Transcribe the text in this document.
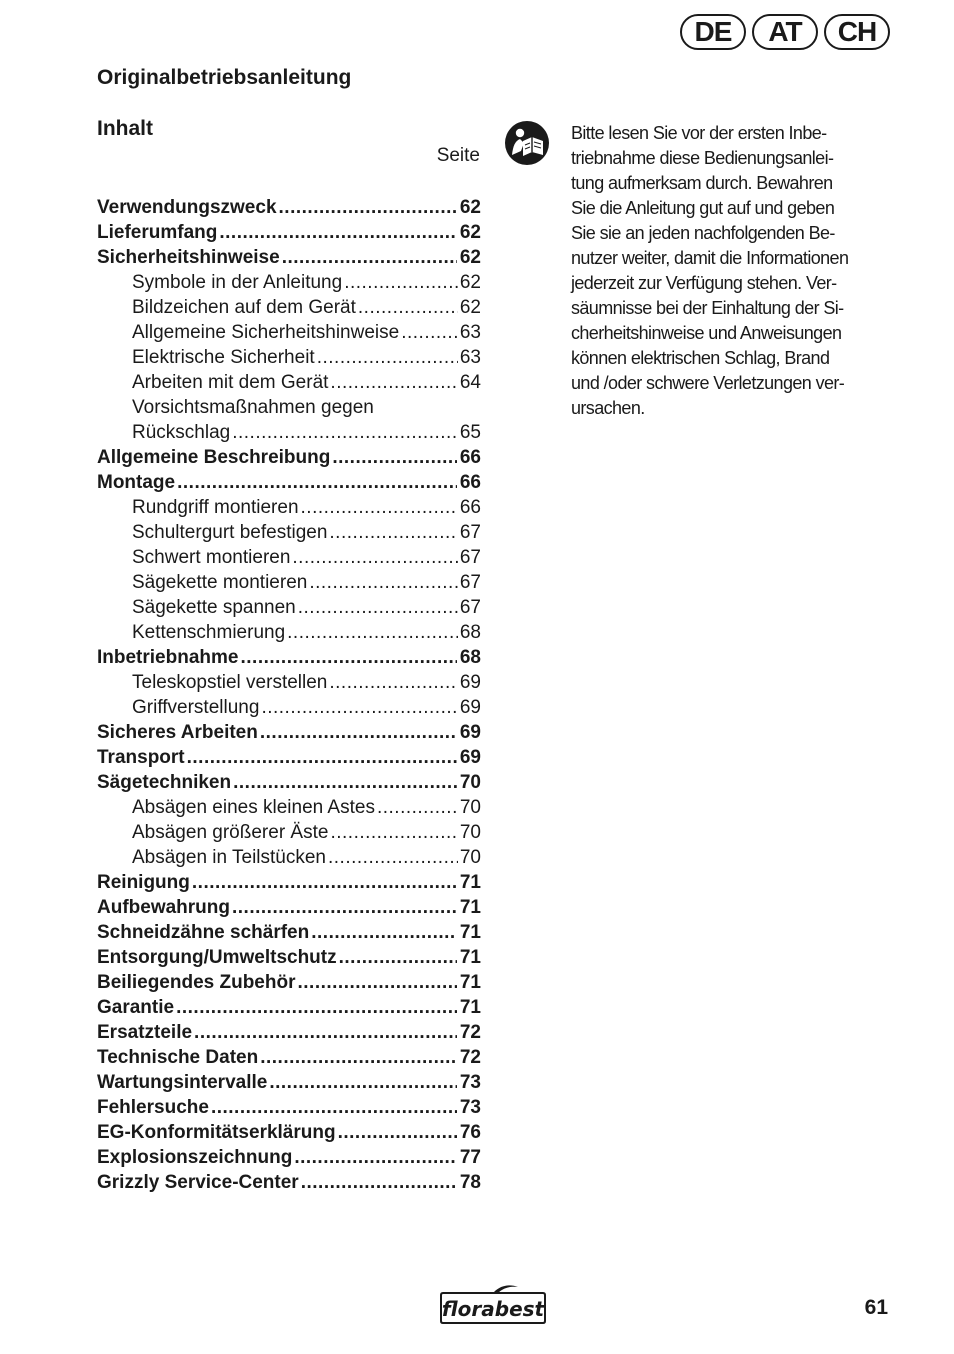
DE	AT	CH
Originalbetriebsanleitung
Inhalt
Seite
Verwendungszweck .....	62
Lieferumfang .....	62
Sicherheitshinweise .....	62
Symbole in der Anleitung .....	62
Bildzeichen auf dem Gerät .....	62
Allgemeine Sicherheitshinweise .....	63
Elektrische Sicherheit .....	63
Arbeiten mit dem Gerät .....	64
Vorsichtsmaßnahmen gegen
Rückschlag .....	65
Allgemeine Beschreibung .....	66
Montage .....	66
Rundgriff montieren .....	66
Schultergurt befestigen .....	67
Schwert montieren .....	67
Sägekette montieren .....	67
Sägekette spannen .....	67
Kettenschmierung .....	68
Inbetriebnahme .....	68
Teleskopstiel verstellen .....	69
Griffverstellung .....	69
Sicheres Arbeiten .....	69
Transport .....	69
Sägetechniken .....	70
Absägen eines kleinen Astes .....	70
Absägen größerer Äste .....	70
Absägen in Teilstücken .....	70
Reinigung .....	71
Aufbewahrung .....	71
Schneidzähne schärfen .....	71
Entsorgung/Umweltschutz .....	71
Beiliegendes Zubehör .....	71
Garantie .....	71
Ersatzteile .....	72
Technische Daten .....	72
Wartungsintervalle .....	73
Fehlersuche .....	73
EG-Konformitätserklärung .....	76
Explosionszeichnung .....	77
Grizzly Service-Center .....	78

Bitte lesen Sie vor der ersten Inbe-
triebnahme diese Bedienungsanlei-
tung aufmerksam durch. Bewahren
Sie die Anleitung gut auf und geben
Sie sie an jeden nachfolgenden Be-
nutzer weiter, damit die Informationen
jederzeit zur Verfügung stehen. Ver-
säumnisse bei der Einhaltung der Si-
cherheitshinweise und Anweisungen
können elektrischen Schlag, Brand
und /oder schwere Verletzungen ver-
ursachen.

florabest	61
